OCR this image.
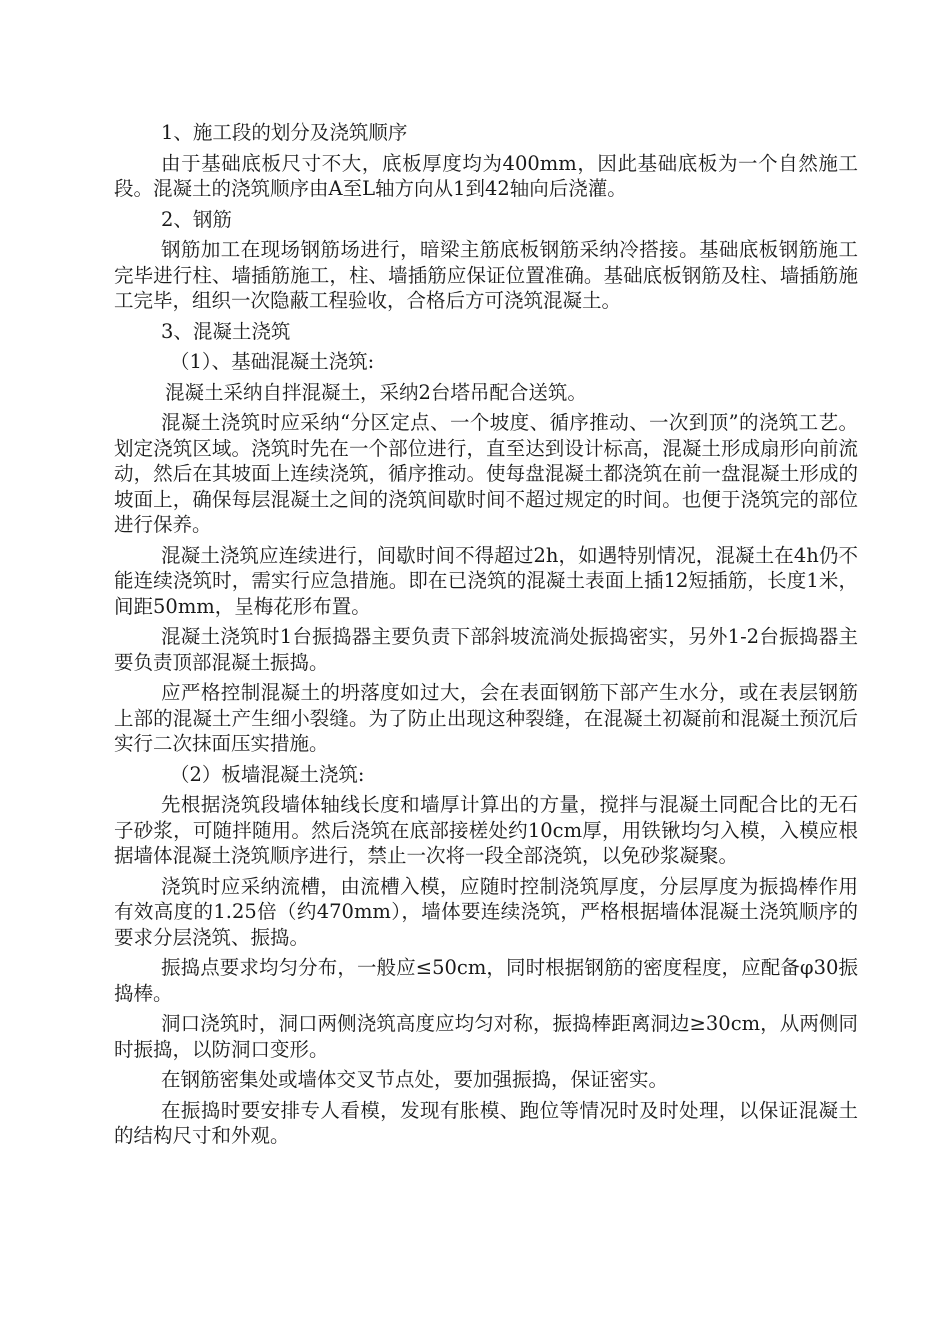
1、施工段的划分及浇筑顺序

由于基础底板尺寸不大，底板厚度均为400mm，因此基础底板为一个自然施工段。混凝土的浇筑顺序由A至L轴方向从1到42轴向后浇灌。

2、钢筋

钢筋加工在现场钢筋场进行，暗梁主筋底板钢筋采纳冷搭接。基础底板钢筋施工完毕进行柱、墙插筋施工，柱、墙插筋应保证位置准确。基础底板钢筋及柱、墙插筋施工完毕，组织一次隐蔽工程验收，合格后方可浇筑混凝土。

3、混凝土浇筑

（1）、基础混凝土浇筑:

混凝土采纳自拌混凝土，采纳2台塔吊配合送筑。

混凝土浇筑时应采纳“分区定点、一个坡度、循序推动、一次到顶”的浇筑工艺。划定浇筑区域。浇筑时先在一个部位进行，直至达到设计标高，混凝土形成扇形向前流动，然后在其坡面上连续浇筑，循序推动。使每盘混凝土都浇筑在前一盘混凝土形成的坡面上，确保每层混凝土之间的浇筑间歇时间不超过规定的时间。也便于浇筑完的部位进行保养。

混凝土浇筑应连续进行，间歇时间不得超过2h，如遇特别情况，混凝土在4h仍不能连续浇筑时，需实行应急措施。即在已浇筑的混凝土表面上插12短插筋，长度1米，间距50mm，呈梅花形布置。

混凝土浇筑时1台振捣器主要负责下部斜坡流淌处振捣密实，另外1-2台振捣器主要负责顶部混凝土振捣。

应严格控制混凝土的坍落度如过大，会在表面钢筋下部产生水分，或在表层钢筋上部的混凝土产生细小裂缝。为了防止出现这种裂缝，在混凝土初凝前和混凝土预沉后实行二次抹面压实措施。

（2）板墙混凝土浇筑:

先根据浇筑段墙体轴线长度和墙厚计算出的方量，搅拌与混凝土同配合比的无石子砂浆，可随拌随用。然后浇筑在底部接槎处约10cm厚，用铁锹均匀入模，入模应根据墙体混凝土浇筑顺序进行，禁止一次将一段全部浇筑，以免砂浆凝聚。

浇筑时应采纳流槽，由流槽入模，应随时控制浇筑厚度，分层厚度为振捣棒作用有效高度的1.25倍（约470mm），墙体要连续浇筑，严格根据墙体混凝土浇筑顺序的要求分层浇筑、振捣。

振捣点要求均匀分布，一般应≤50cm，同时根据钢筋的密度程度，应配备φ30振捣棒。

洞口浇筑时，洞口两侧浇筑高度应均匀对称，振捣棒距离洞边≥30cm，从两侧同时振捣，以防洞口变形。

在钢筋密集处或墙体交叉节点处，要加强振捣，保证密实。

在振捣时要安排专人看模，发现有胀模、跑位等情况时及时处理，以保证混凝土的结构尺寸和外观。
